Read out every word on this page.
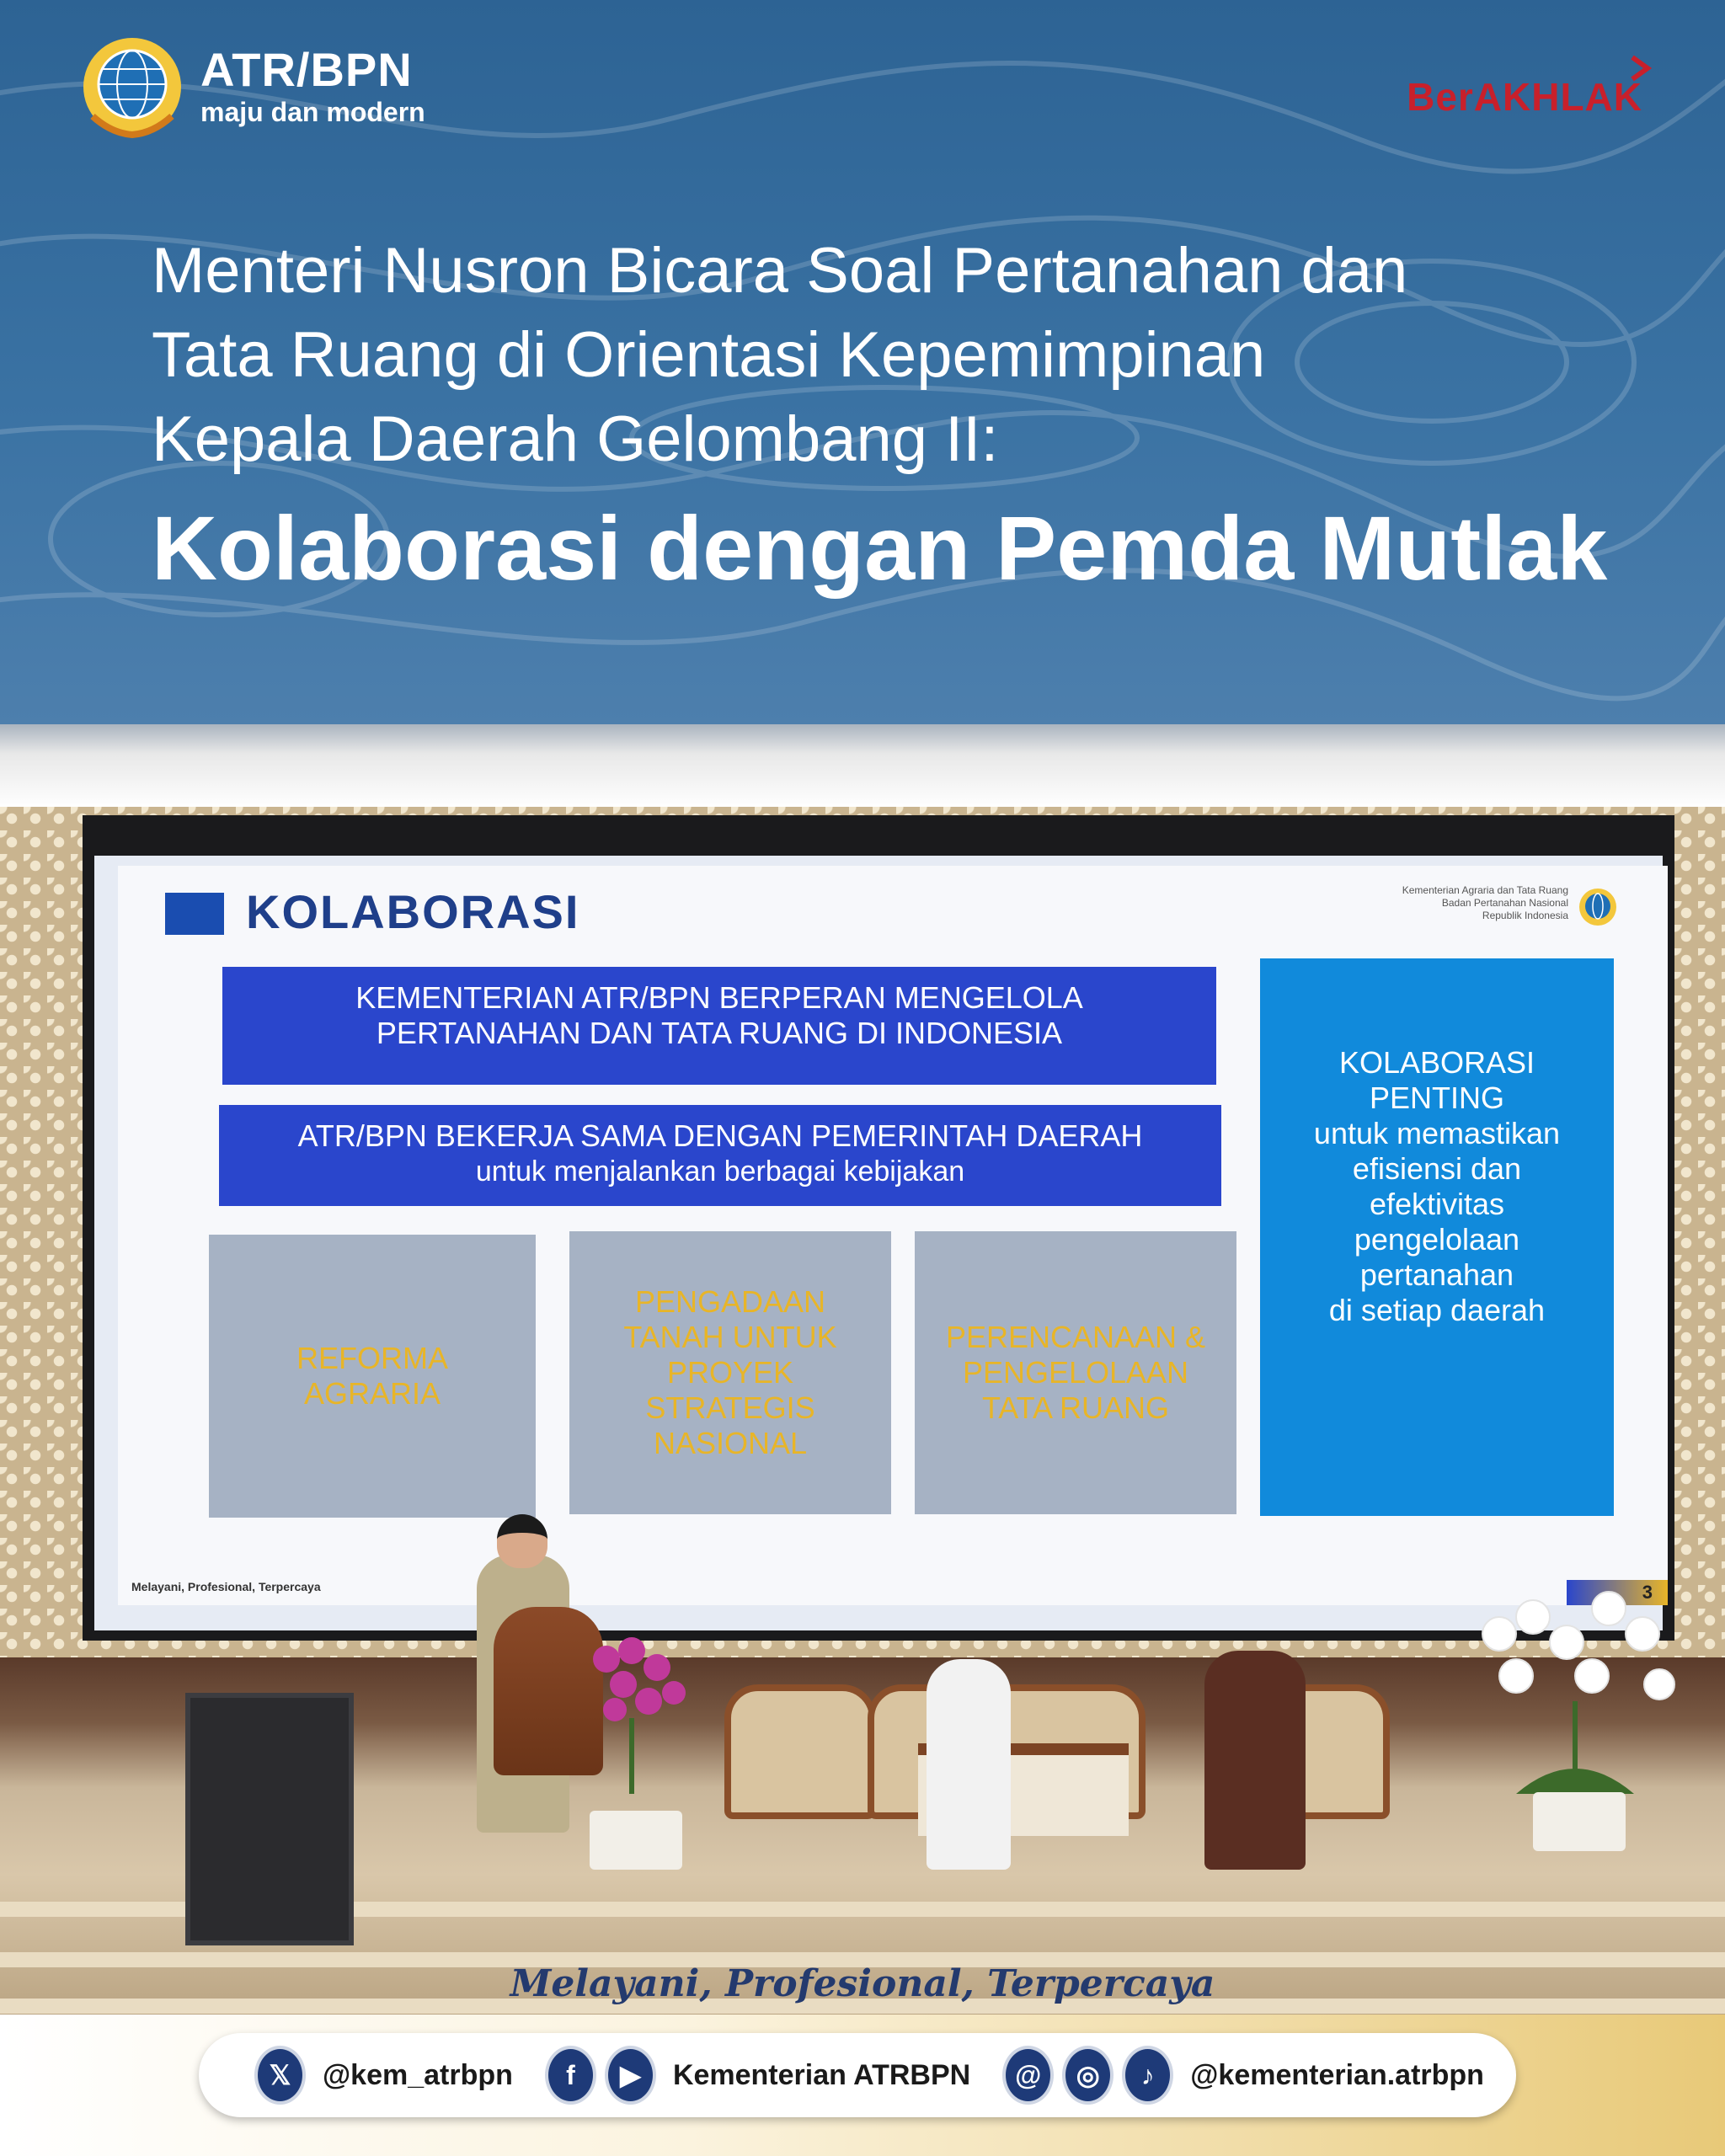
ATR/BPN
maju dan modern	BerAKHLAK
Menteri Nusron Bicara Soal Pertanahan dan
Tata Ruang di Orientasi Kepemimpinan
Kepala Daerah Gelombang II:
Kolaborasi dengan Pemda Mutlak
KOLABORASI	Kementerian Agraria dan Tata Ruang
Badan Pertanahan Nasional
Republik Indonesia
KEMENTERIAN ATR/BPN BERPERAN MENGELOLA
PERTANAHAN DAN TATA RUANG DI INDONESIA
ATR/BPN BEKERJA SAMA DENGAN PEMERINTAH DAERAH
untuk menjalankan berbagai kebijakan
REFORMA
AGRARIA
PENGADAAN
TANAH UNTUK
PROYEK
STRATEGIS
NASIONAL
PERENCANAAN &
PENGELOLAAN
TATA RUANG
KOLABORASI
PENTING
untuk memastikan
efisiensi dan
efektivitas
pengelolaan
pertanahan
di setiap daerah
Melayani, Profesional, Terpercaya	3
Melayani, Profesional, Terpercaya
𝕏	@kem_atrbpn	f	▶	Kementerian ATRBPN	@	◎	♪	@kementerian.atrbpn
